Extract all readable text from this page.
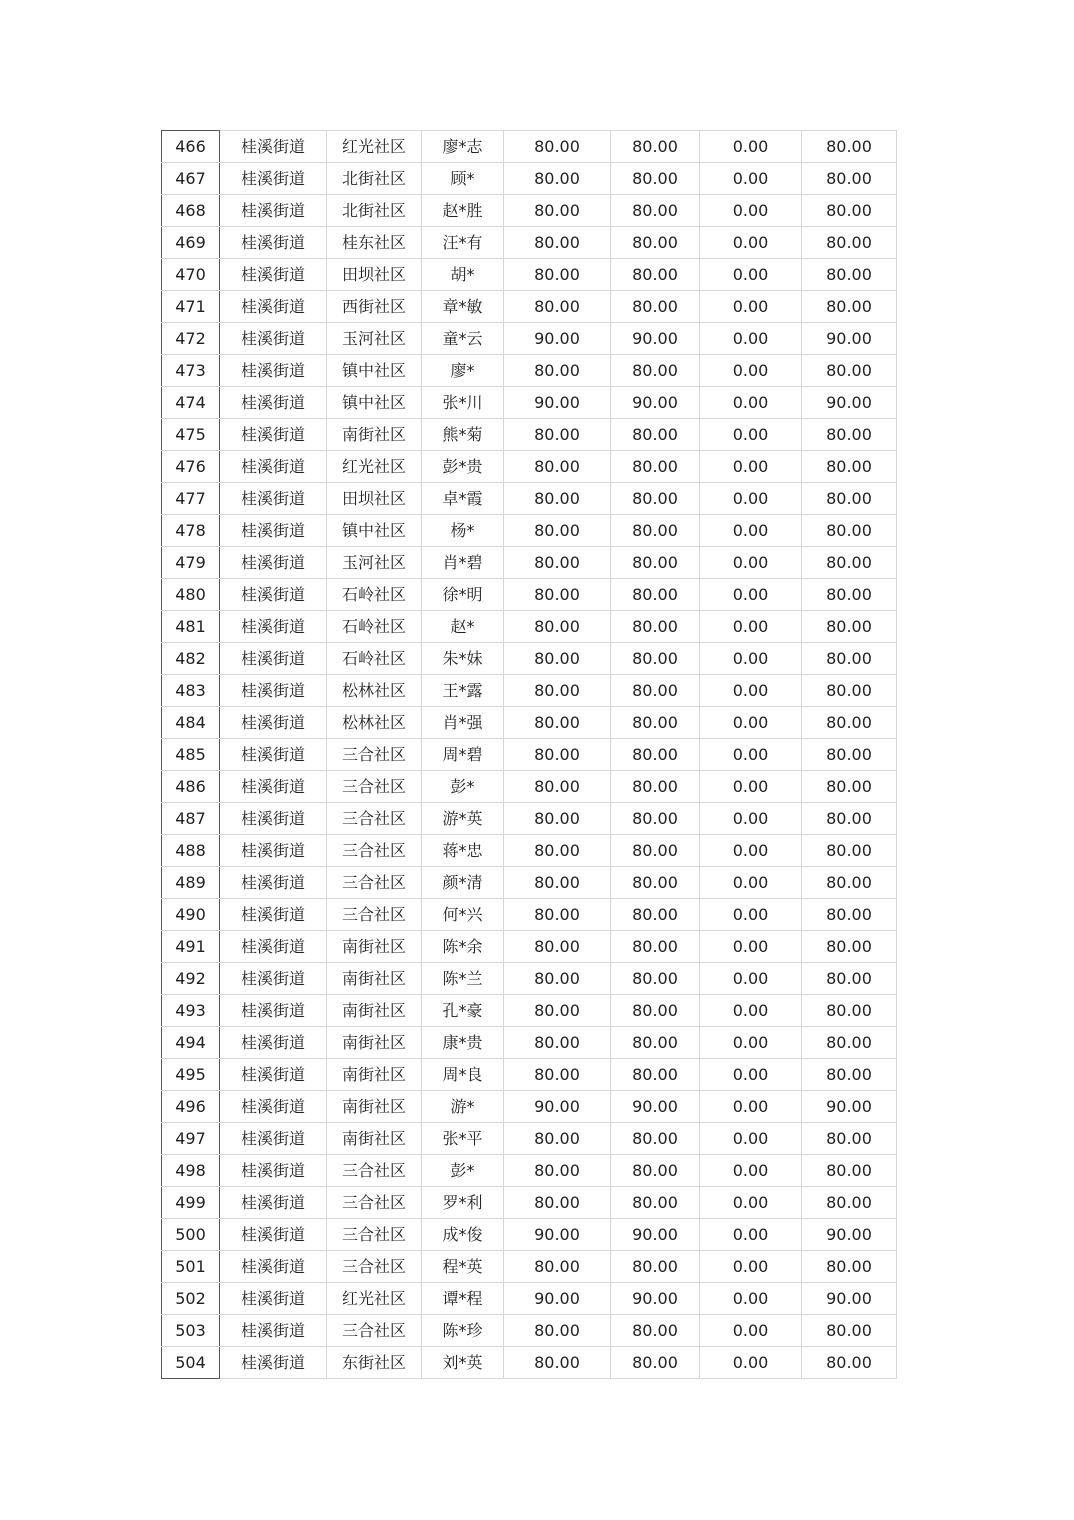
466	桂溪街道	红光社区	廖*志	80.00	80.00	0.00	80.00
467	桂溪街道	北街社区	顾*	80.00	80.00	0.00	80.00
468	桂溪街道	北街社区	赵*胜	80.00	80.00	0.00	80.00
469	桂溪街道	桂东社区	汪*有	80.00	80.00	0.00	80.00
470	桂溪街道	田坝社区	胡*	80.00	80.00	0.00	80.00
471	桂溪街道	西街社区	章*敏	80.00	80.00	0.00	80.00
472	桂溪街道	玉河社区	童*云	90.00	90.00	0.00	90.00
473	桂溪街道	镇中社区	廖*	80.00	80.00	0.00	80.00
474	桂溪街道	镇中社区	张*川	90.00	90.00	0.00	90.00
475	桂溪街道	南街社区	熊*菊	80.00	80.00	0.00	80.00
476	桂溪街道	红光社区	彭*贵	80.00	80.00	0.00	80.00
477	桂溪街道	田坝社区	卓*霞	80.00	80.00	0.00	80.00
478	桂溪街道	镇中社区	杨*	80.00	80.00	0.00	80.00
479	桂溪街道	玉河社区	肖*碧	80.00	80.00	0.00	80.00
480	桂溪街道	石岭社区	徐*明	80.00	80.00	0.00	80.00
481	桂溪街道	石岭社区	赵*	80.00	80.00	0.00	80.00
482	桂溪街道	石岭社区	朱*妹	80.00	80.00	0.00	80.00
483	桂溪街道	松林社区	王*露	80.00	80.00	0.00	80.00
484	桂溪街道	松林社区	肖*强	80.00	80.00	0.00	80.00
485	桂溪街道	三合社区	周*碧	80.00	80.00	0.00	80.00
486	桂溪街道	三合社区	彭*	80.00	80.00	0.00	80.00
487	桂溪街道	三合社区	游*英	80.00	80.00	0.00	80.00
488	桂溪街道	三合社区	蒋*忠	80.00	80.00	0.00	80.00
489	桂溪街道	三合社区	颜*清	80.00	80.00	0.00	80.00
490	桂溪街道	三合社区	何*兴	80.00	80.00	0.00	80.00
491	桂溪街道	南街社区	陈*余	80.00	80.00	0.00	80.00
492	桂溪街道	南街社区	陈*兰	80.00	80.00	0.00	80.00
493	桂溪街道	南街社区	孔*豪	80.00	80.00	0.00	80.00
494	桂溪街道	南街社区	康*贵	80.00	80.00	0.00	80.00
495	桂溪街道	南街社区	周*良	80.00	80.00	0.00	80.00
496	桂溪街道	南街社区	游*	90.00	90.00	0.00	90.00
497	桂溪街道	南街社区	张*平	80.00	80.00	0.00	80.00
498	桂溪街道	三合社区	彭*	80.00	80.00	0.00	80.00
499	桂溪街道	三合社区	罗*利	80.00	80.00	0.00	80.00
500	桂溪街道	三合社区	成*俊	90.00	90.00	0.00	90.00
501	桂溪街道	三合社区	程*英	80.00	80.00	0.00	80.00
502	桂溪街道	红光社区	谭*程	90.00	90.00	0.00	90.00
503	桂溪街道	三合社区	陈*珍	80.00	80.00	0.00	80.00
504	桂溪街道	东街社区	刘*英	80.00	80.00	0.00	80.00
